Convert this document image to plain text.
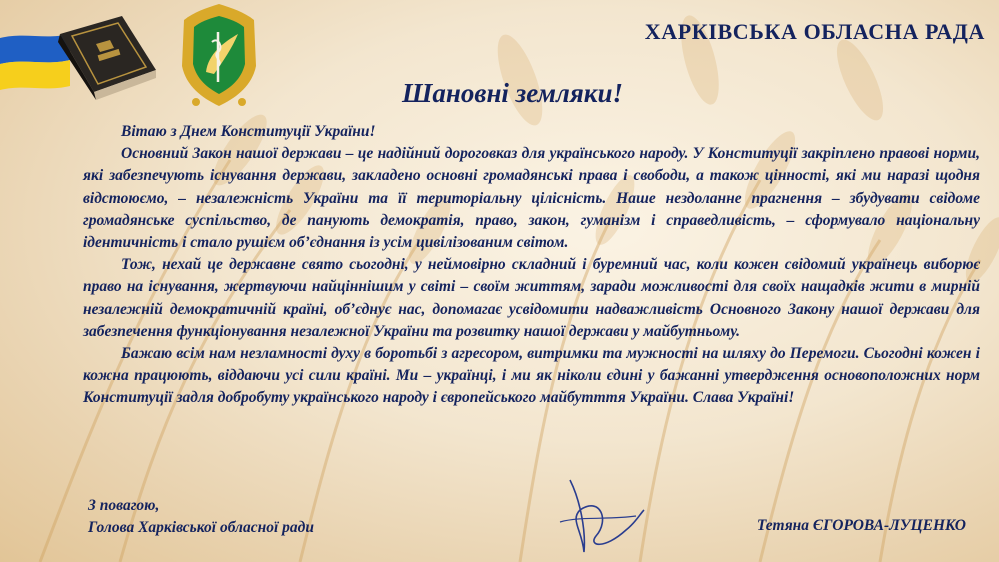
ХАРКІВСЬКА ОБЛАСНА РАДА
Шановні земляки!

Вітаю з Днем Конституції України!

Основний Закон нашої держави – це надійний дороговказ для українського народу. У Конституції закріплено правові норми, які забезпечують існування держави, закладено основні громадянські права і свободи, а також цінності, які ми наразі щодня відстоюємо, – незалежність України та її територіальну цілісність. Наше нездоланне прагнення – збудувати свідоме громадянське суспільство, де панують демократія, право, закон, гуманізм і справедливість, – сформувало національну ідентичність і стало рушієм об’єднання із усім цивілізованим світом.

Тож, нехай це державне свято сьогодні, у неймовірно складний і буремний час, коли кожен свідомий українець виборює право на існування, жертвуючи найціннішим у світі – своїм життям, заради можливості для своїх нащадків жити в мирній незалежній демократичній країні, об’єднує нас, допомагає усвідомити надважливість Основного Закону нашої держави для забезпечення функціонування незалежної України та розвитку нашої держави у майбутньому.

Бажаю всім нам незламності духу в боротьбі з агресором, витримки та мужності на шляху до Перемоги. Сьогодні кожен і кожна працюють, віддаючи усі сили країні. Ми – українці, і ми як ніколи єдині у бажанні утвердження основоположних норм Конституції задля добробуту українського народу і європейського майбутття України. Слава Україні!

З повагою,
Голова Харківської обласної ради	Тетяна ЄГОРОВА-ЛУЦЕНКО
